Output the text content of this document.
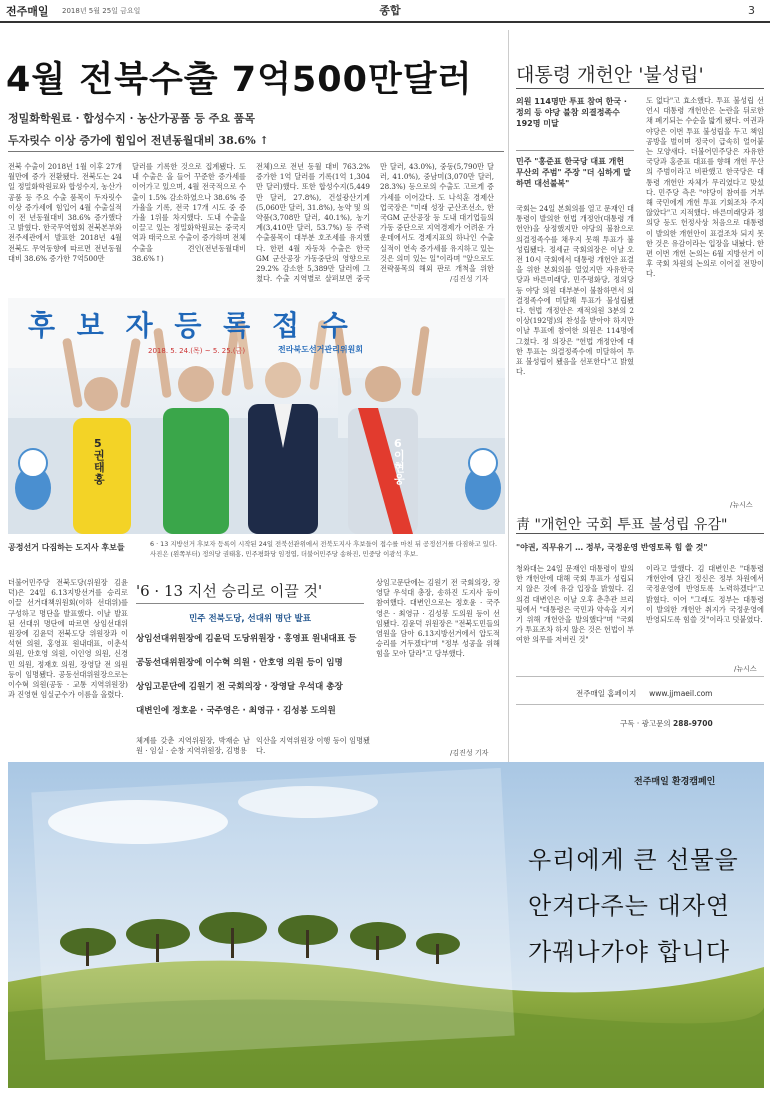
전주매일 2018년 5월 25일 금요일	종합	3
4월 전북수출 7억500만달러
정밀화학원료 · 합성수지 · 농산가공품 등 주요 품목
두자릿수 이상 증가에 힘입어 전년동월대비 38.6% ↑
전북 수출이 2018년 1월 이후 27개월만에 증가 전환됐다. 전북도는 24일 정밀화학원료와 합성수지, 농산가공품 등 주요 수출 품목이 두자릿수 이상 증가세에 힘입어 4월 수출실적이 전 년동월대비 38.6% 증가했다고 밝혔다. 한국무역협회 전북본부와 전주세관에서 발표한 2018년 4월 전북도 무역동향에 따르면 전년동월 대비 38.6% 증가한 7억500만
달러를 기록한 것으로 집계됐다. 도내 수출은 올 들어 꾸준한 증가세를 이어가고 있으며, 4월 전국적으로 수출이 1.5% 감소하였으나 38.6% 증가율을 기록, 전국 17개 시도 중 증가율 1위를 차지했다. 도내 수출을 이끌고 있는 정밀화학원료는 중국지역과 태국으로 수출이 증가하며 전체 수출을 견인(전년동월대비 38.6%↑)
전체)으로 전년 동월 대비 763.2% 증가한 1억 달러를 기록(1억 1,304만 달러)했다. 또한 합성수지(5,449만 달러, 27.8%), 건설광산기계(5,060만 달러, 31.8%), 농약 및 의약품(3,708만 달러, 40.1%), 농기계(3,410만 달러, 53.7%) 등 주력 수출품목이 대부분 호조세를 유지했다. 한편 4월 자동차 수출은 한국GM 군산공장 가동중단의 영향으로 29.2% 감소한 5,389만 달러에 그쳤다. 수출 지역별로 살펴보면 중국
만 달러, 43.0%), 중동(5,790만 달러, 41.0%), 중남미(3,070만 달러, 28.3%) 등으로의 수출도 고르게 증가세를 이어갔다. 도 나석훈 경제산업국장은 "미래 성장 군산조선소, 한국GM 군산공장 등 도내 대기업들의 가동 중단으로 지역경제가 어려운 가운데에서도 경제지표의 하나인 수출실적이 연속 증가세를 유지하고 있는 것은 의미 있는 일"이라며 "앞으로도 전략품목의 해외 판로 개척을 위한
/김진성 기자
대통령 개헌안 '불성립'
의원 114명만 투표 참여 한국 · 정의 등 야당 불참 의결정족수 192명 미달
민주 "홍준표 한국당 대표 개헌 무산의 주범" 주장 "더 심하게 말하면 대선불복"
국회는 24일 본회의를 열고 문재인 대통령이 발의한 헌법 개정안(대통령 개헌안)을 상정했지만 야당의 불참으로 의결정족수를 채우지 못해 투표가 불성립됐다. 정세균 국회의장은 이날 오전 10시 국회에서 대통령 개헌안 표결을 위한 본회의를 열었지만 자유한국당과 바른미래당, 민주평화당, 정의당 등 야당 의원 대부분이 불참하면서 의결정족수에 미달해 투표가 불성립됐다. 헌법 개정안은 재적의원 3분의 2 이상(192명)의 찬성을 받아야 하지만 이날 투표에 참여한 의원은 114명에 그쳤다. 정 의장은 "헌법 개정안에 대한 투표는 의결정족수에 미달하여 투표 불성립이 됐음을 선포한다"고 밝혔다.
도 없다"고 효소했다. 투표 불성립 선언시 대통령 개헌안은 논란을 뒤로한 채 폐기되는 수순을 밟게 됐다. 여권과 야당은 이번 투표 불성립을 두고 책임 공방을 벌이며 정국이 급속히 얼어붙는 모양새다. 더불어민주당은 자유한국당과 홍준표 대표를 향해 개헌 무산의 주범이라고 비판했고 한국당은 대통령 개헌안 자체가 무리였다고 맞섰다. 민주당 측은 "야당이 참여를 거부해 국민에게 개헌 투표 기회조차 주지 않았다"고 지적했다. 바른미래당과 정의당 등도 헌정사상 처음으로 대통령이 발의한 개헌안이 표결조차 되지 못한 것은 유감이라는 입장을 내놨다. 한편 이번 개헌 논의는 6월 지방선거 이후 국회 차원의 논의로 이어질 전망이다.
/뉴시스
후 보 자 등 록 접 수
2018. 5. 24.(목) ~ 5. 25.(금)	전라북도선거관리위원회
5 권태홍
6 이현웅
공정선거 다짐하는 도지사 후보들	6 · 13 지방선거 후보자 등록이 시작된 24일 전북선관위에서 전북도지사 후보들이 접수를 마친 뒤 공정선거를 다짐하고 있다. 사진은 (왼쪽부터) 정의당 권태홍, 민주평화당 임정엽, 더불어민주당 송하진, 민중당 이광석 후보.
더불어민주당 전북도당(위원장 김윤덕)은 24일 6.13지방선거를 승리로 이끌 선거대책위원회(이하 선대위)를 구성하고 명단을 발표했다. 이날 발표된 선대위 명단에 따르면 상임선대위원장에 김윤덕 전북도당 위원장과 이석현 의원, 홍영표 원내대표, 이춘석 의원, 안호영 의원, 이인영 의원, 신경민 의원, 정재호 의원, 장영달 전 의원 등이 임명됐다. 공동선대위원장으로는 이수혁 의원(공동 · 교통 지역위원장)과 진영현 임실군수가 이름을 올렸다.
'6 · 13 지선 승리로 이끌 것'
민주 전북도당, 선대위 명단 발표
상임선대위원장에 김윤덕 도당위원장 · 홍영표 원내대표 등
공동선대위원장에 이수혁 의원 · 안호영 의원 등이 임명
상임고문단에 김원기 전 국회의장 · 장영달 우석대 총장
대변인에 정호윤 · 국주영은 · 최영규 · 김성봉 도의원
체계를 갖춘 지역위원장, 박재순 남원 · 임실 · 순창 지역위원장, 김병용
익산을 지역위원장 이행 등이 임명됐다.
상임고문단에는 김원기 전 국회의장, 장영달 우석대 총장, 송하진 도지사 등이 참여했다. 대변인으로는 정호윤 · 국주영은 · 최영규 · 김성봉 도의원 등이 선임됐다. 김윤덕 위원장은 "전북도민들의 염원을 담아 6.13지방선거에서 압도적 승리를 거두겠다"며 "정부 성공을 위해 힘을 모아 달라"고 당부했다.
/김진성 기자
靑 "개헌안 국회 투표 불성립 유감"
"야권, 직무유기 … 정부, 국정운영 반영토록 힘 쓸 것"
청와대는 24일 문재인 대통령이 발의한 개헌안에 대해 국회 투표가 성립되지 않은 것에 유감 입장을 밝혔다. 김의겸 대변인은 이날 오후 춘추관 브리핑에서 "대통령은 국민과 약속을 지키기 위해 개헌안을 발의했다"며 "국회가 투표조차 하지 않은 것은 헌법이 부여한 의무를 저버린 것"
이라고 말했다. 김 대변인은 "대통령 개헌안에 담긴 정신은 정부 차원에서 국정운영에 반영토록 노력하겠다"고 밝혔다. 이어 "그래도 정부는 대통령이 발의한 개헌안 취지가 국정운영에 반영되도록 힘쓸 것"이라고 덧붙였다.
/뉴시스
전주매일 홈페이지 www.jjmaeil.com
구독 · 광고문의 288-9700
전주매일 환경캠페인
우리에게 큰 선물을
안겨다주는 대자연
가꿔나가야 합니다
